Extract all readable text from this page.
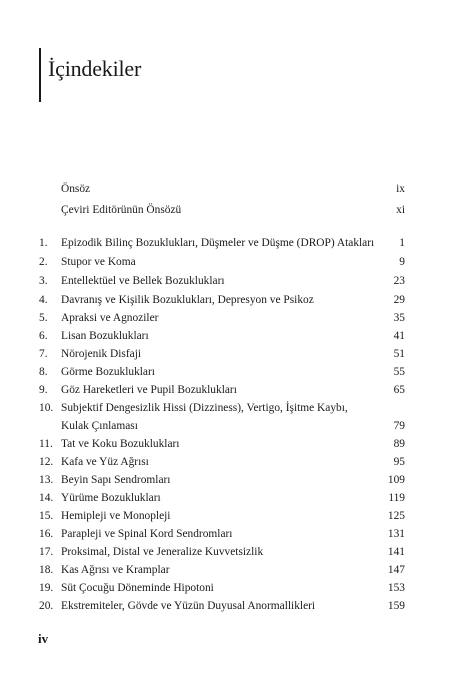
İçindekiler
Önsöz	ix
Çeviri Editörünün Önsözü	xi
1.	Epizodik Bilinç Bozuklukları, Düşmeler ve Düşme (DROP) Atakları 1
2.	Stupor ve Koma	9
3.	Entellektüel ve Bellek Bozuklukları	23
4.	Davranış ve Kişilik Bozuklukları, Depresyon ve Psikoz	29
5.	Apraksi ve Agnoziler	35
6.	Lisan Bozuklukları	41
7.	Nörojenik Disfaji	51
8.	Görme Bozuklukları	55
9.	Göz Hareketleri ve Pupil Bozuklukları	65
10. Subjektif Dengesizlik Hissi (Dizziness), Vertigo, İşitme Kaybı,
Kulak Çınlaması	79
11. Tat ve Koku Bozuklukları	89
12. Kafa ve Yüz Ağrısı	95
13. Beyin Sapı Sendromları	109
14. Yürüme Bozuklukları	119
15. Hemipleji ve Monopleji	125
16. Parapleji ve Spinal Kord Sendromları	131
17. Proksimal, Distal ve Jeneralize Kuvvetsizlik	141
18. Kas Ağrısı ve Kramplar	147
19. Süt Çocuğu Döneminde Hipotoni	153
20. Ekstremiteler, Gövde ve Yüzün Duyusal Anormallikleri	159
iv
